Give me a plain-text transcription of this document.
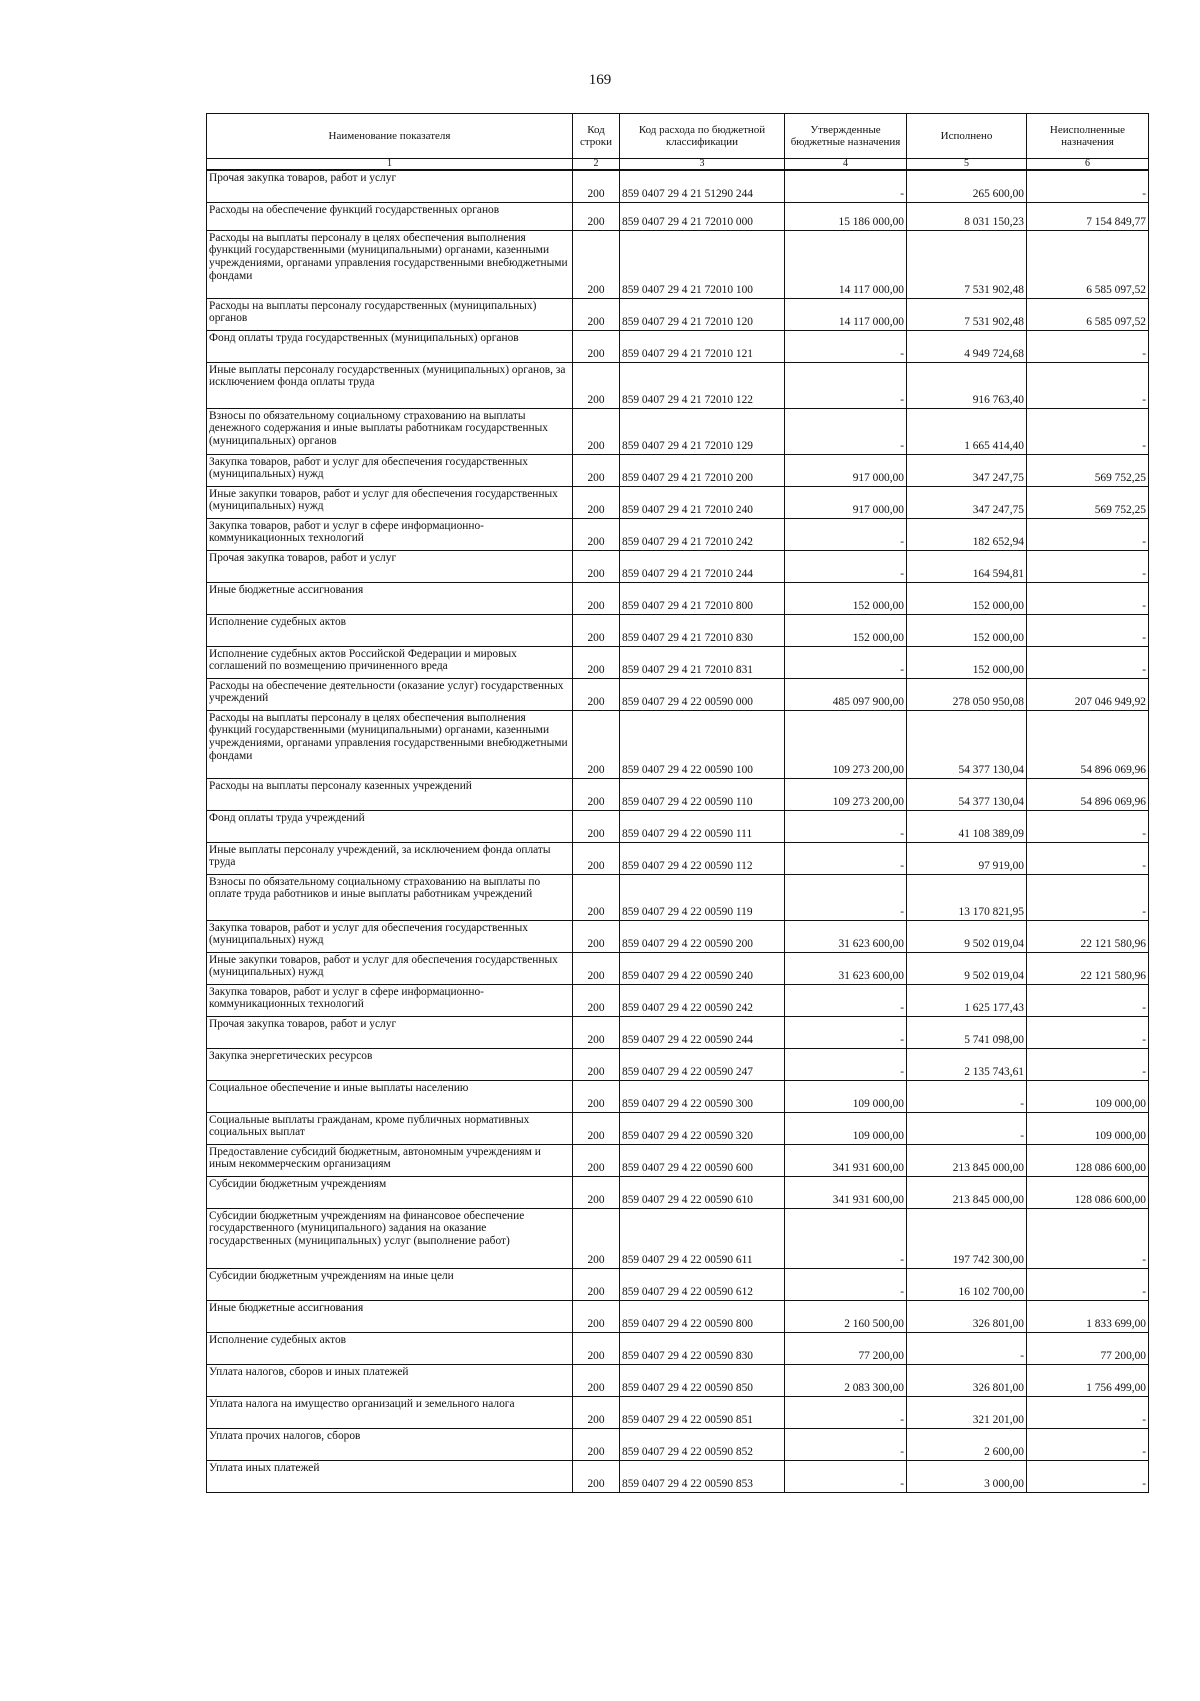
169
Наименование показателя	Код строки	Код расхода по бюджетной классификации	Утвержденные бюджетные назначения	Исполнено	Неисполненные назначения
1	2	3	4	5	6
Прочая закупка товаров, работ и услуг	200	859 0407 29 4 21 51290 244	-	265 600,00	-
Расходы на обеспечение функций государственных органов	200	859 0407 29 4 21 72010 000	15 186 000,00	8 031 150,23	7 154 849,77
Расходы на выплаты персоналу в целях обеспечения выполнения функций государственными (муниципальными) органами, казенными учреждениями, органами управления государственными внебюджетными фондами	200	859 0407 29 4 21 72010 100	14 117 000,00	7 531 902,48	6 585 097,52
Расходы на выплаты персоналу государственных (муниципальных) органов	200	859 0407 29 4 21 72010 120	14 117 000,00	7 531 902,48	6 585 097,52
Фонд оплаты труда государственных (муниципальных) органов	200	859 0407 29 4 21 72010 121	-	4 949 724,68	-
Иные выплаты персоналу государственных (муниципальных) органов, за исключением фонда оплаты труда	200	859 0407 29 4 21 72010 122	-	916 763,40	-
Взносы по обязательному социальному страхованию на выплаты денежного содержания и иные выплаты работникам государственных (муниципальных) органов	200	859 0407 29 4 21 72010 129	-	1 665 414,40	-
Закупка товаров, работ и услуг для обеспечения государственных (муниципальных) нужд	200	859 0407 29 4 21 72010 200	917 000,00	347 247,75	569 752,25
Иные закупки товаров, работ и услуг для обеспечения государственных (муниципальных) нужд	200	859 0407 29 4 21 72010 240	917 000,00	347 247,75	569 752,25
Закупка товаров, работ и услуг в сфере информационно-коммуникационных технологий	200	859 0407 29 4 21 72010 242	-	182 652,94	-
Прочая закупка товаров, работ и услуг	200	859 0407 29 4 21 72010 244	-	164 594,81	-
Иные бюджетные ассигнования	200	859 0407 29 4 21 72010 800	152 000,00	152 000,00	-
Исполнение судебных актов	200	859 0407 29 4 21 72010 830	152 000,00	152 000,00	-
Исполнение судебных актов Российской Федерации и мировых соглашений по возмещению причиненного вреда	200	859 0407 29 4 21 72010 831	-	152 000,00	-
Расходы на обеспечение деятельности (оказание услуг) государственных учреждений	200	859 0407 29 4 22 00590 000	485 097 900,00	278 050 950,08	207 046 949,92
Расходы на выплаты персоналу в целях обеспечения выполнения функций государственными (муниципальными) органами, казенными учреждениями, органами управления государственными внебюджетными фондами	200	859 0407 29 4 22 00590 100	109 273 200,00	54 377 130,04	54 896 069,96
Расходы на выплаты персоналу казенных учреждений	200	859 0407 29 4 22 00590 110	109 273 200,00	54 377 130,04	54 896 069,96
Фонд оплаты труда учреждений	200	859 0407 29 4 22 00590 111	-	41 108 389,09	-
Иные выплаты персоналу учреждений, за исключением фонда оплаты труда	200	859 0407 29 4 22 00590 112	-	97 919,00	-
Взносы по обязательному социальному страхованию на выплаты по оплате труда работников и иные выплаты работникам учреждений	200	859 0407 29 4 22 00590 119	-	13 170 821,95	-
Закупка товаров, работ и услуг для обеспечения государственных (муниципальных) нужд	200	859 0407 29 4 22 00590 200	31 623 600,00	9 502 019,04	22 121 580,96
Иные закупки товаров, работ и услуг для обеспечения государственных (муниципальных) нужд	200	859 0407 29 4 22 00590 240	31 623 600,00	9 502 019,04	22 121 580,96
Закупка товаров, работ и услуг в сфере информационно-коммуникационных технологий	200	859 0407 29 4 22 00590 242	-	1 625 177,43	-
Прочая закупка товаров, работ и услуг	200	859 0407 29 4 22 00590 244	-	5 741 098,00	-
Закупка энергетических ресурсов	200	859 0407 29 4 22 00590 247	-	2 135 743,61	-
Социальное обеспечение и иные выплаты населению	200	859 0407 29 4 22 00590 300	109 000,00	-	109 000,00
Социальные выплаты гражданам, кроме публичных нормативных социальных выплат	200	859 0407 29 4 22 00590 320	109 000,00	-	109 000,00
Предоставление субсидий бюджетным, автономным учреждениям и иным некоммерческим организациям	200	859 0407 29 4 22 00590 600	341 931 600,00	213 845 000,00	128 086 600,00
Субсидии бюджетным учреждениям	200	859 0407 29 4 22 00590 610	341 931 600,00	213 845 000,00	128 086 600,00
Субсидии бюджетным учреждениям на финансовое обеспечение государственного (муниципального) задания на оказание государственных (муниципальных) услуг (выполнение работ)	200	859 0407 29 4 22 00590 611	-	197 742 300,00	-
Субсидии бюджетным учреждениям на иные цели	200	859 0407 29 4 22 00590 612	-	16 102 700,00	-
Иные бюджетные ассигнования	200	859 0407 29 4 22 00590 800	2 160 500,00	326 801,00	1 833 699,00
Исполнение судебных актов	200	859 0407 29 4 22 00590 830	77 200,00	-	77 200,00
Уплата налогов, сборов и иных платежей	200	859 0407 29 4 22 00590 850	2 083 300,00	326 801,00	1 756 499,00
Уплата налога на имущество организаций и земельного налога	200	859 0407 29 4 22 00590 851	-	321 201,00	-
Уплата прочих налогов, сборов	200	859 0407 29 4 22 00590 852	-	2 600,00	-
Уплата иных платежей	200	859 0407 29 4 22 00590 853	-	3 000,00	-
